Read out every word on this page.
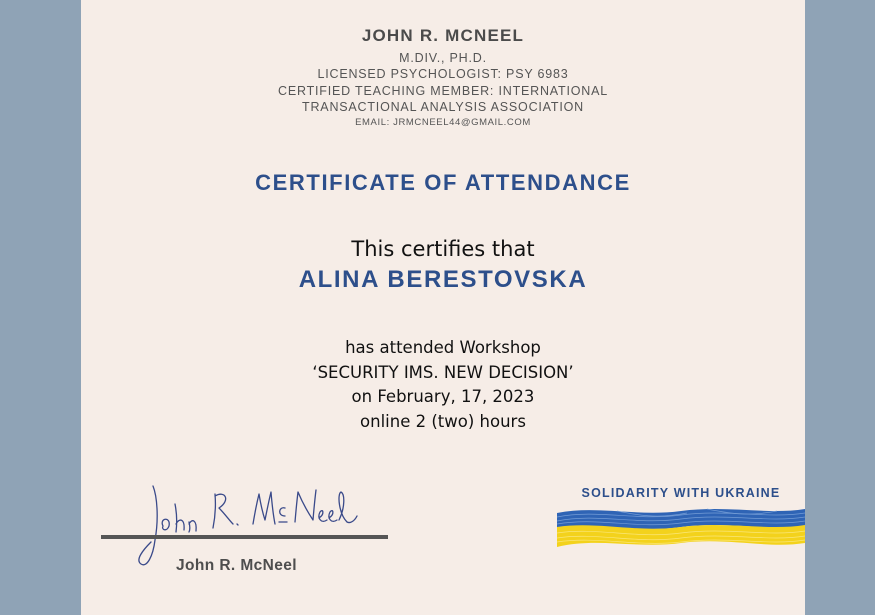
JOHN R. MCNEEL
M.DIV., PH.D.
LICENSED PSYCHOLOGIST: PSY 6983
CERTIFIED TEACHING MEMBER: INTERNATIONAL
TRANSACTIONAL ANALYSIS ASSOCIATION
EMAIL: JRMCNEEL44@GMAIL.COM
CERTIFICATE OF ATTENDANCE
This certifies that
ALINA BERESTOVSKA
has attended Workshop
‘SECURITY IMS. NEW DECISION’
on February, 17, 2023
online 2 (two) hours
John R. McNeel
SOLIDARITY WITH UKRAINE
